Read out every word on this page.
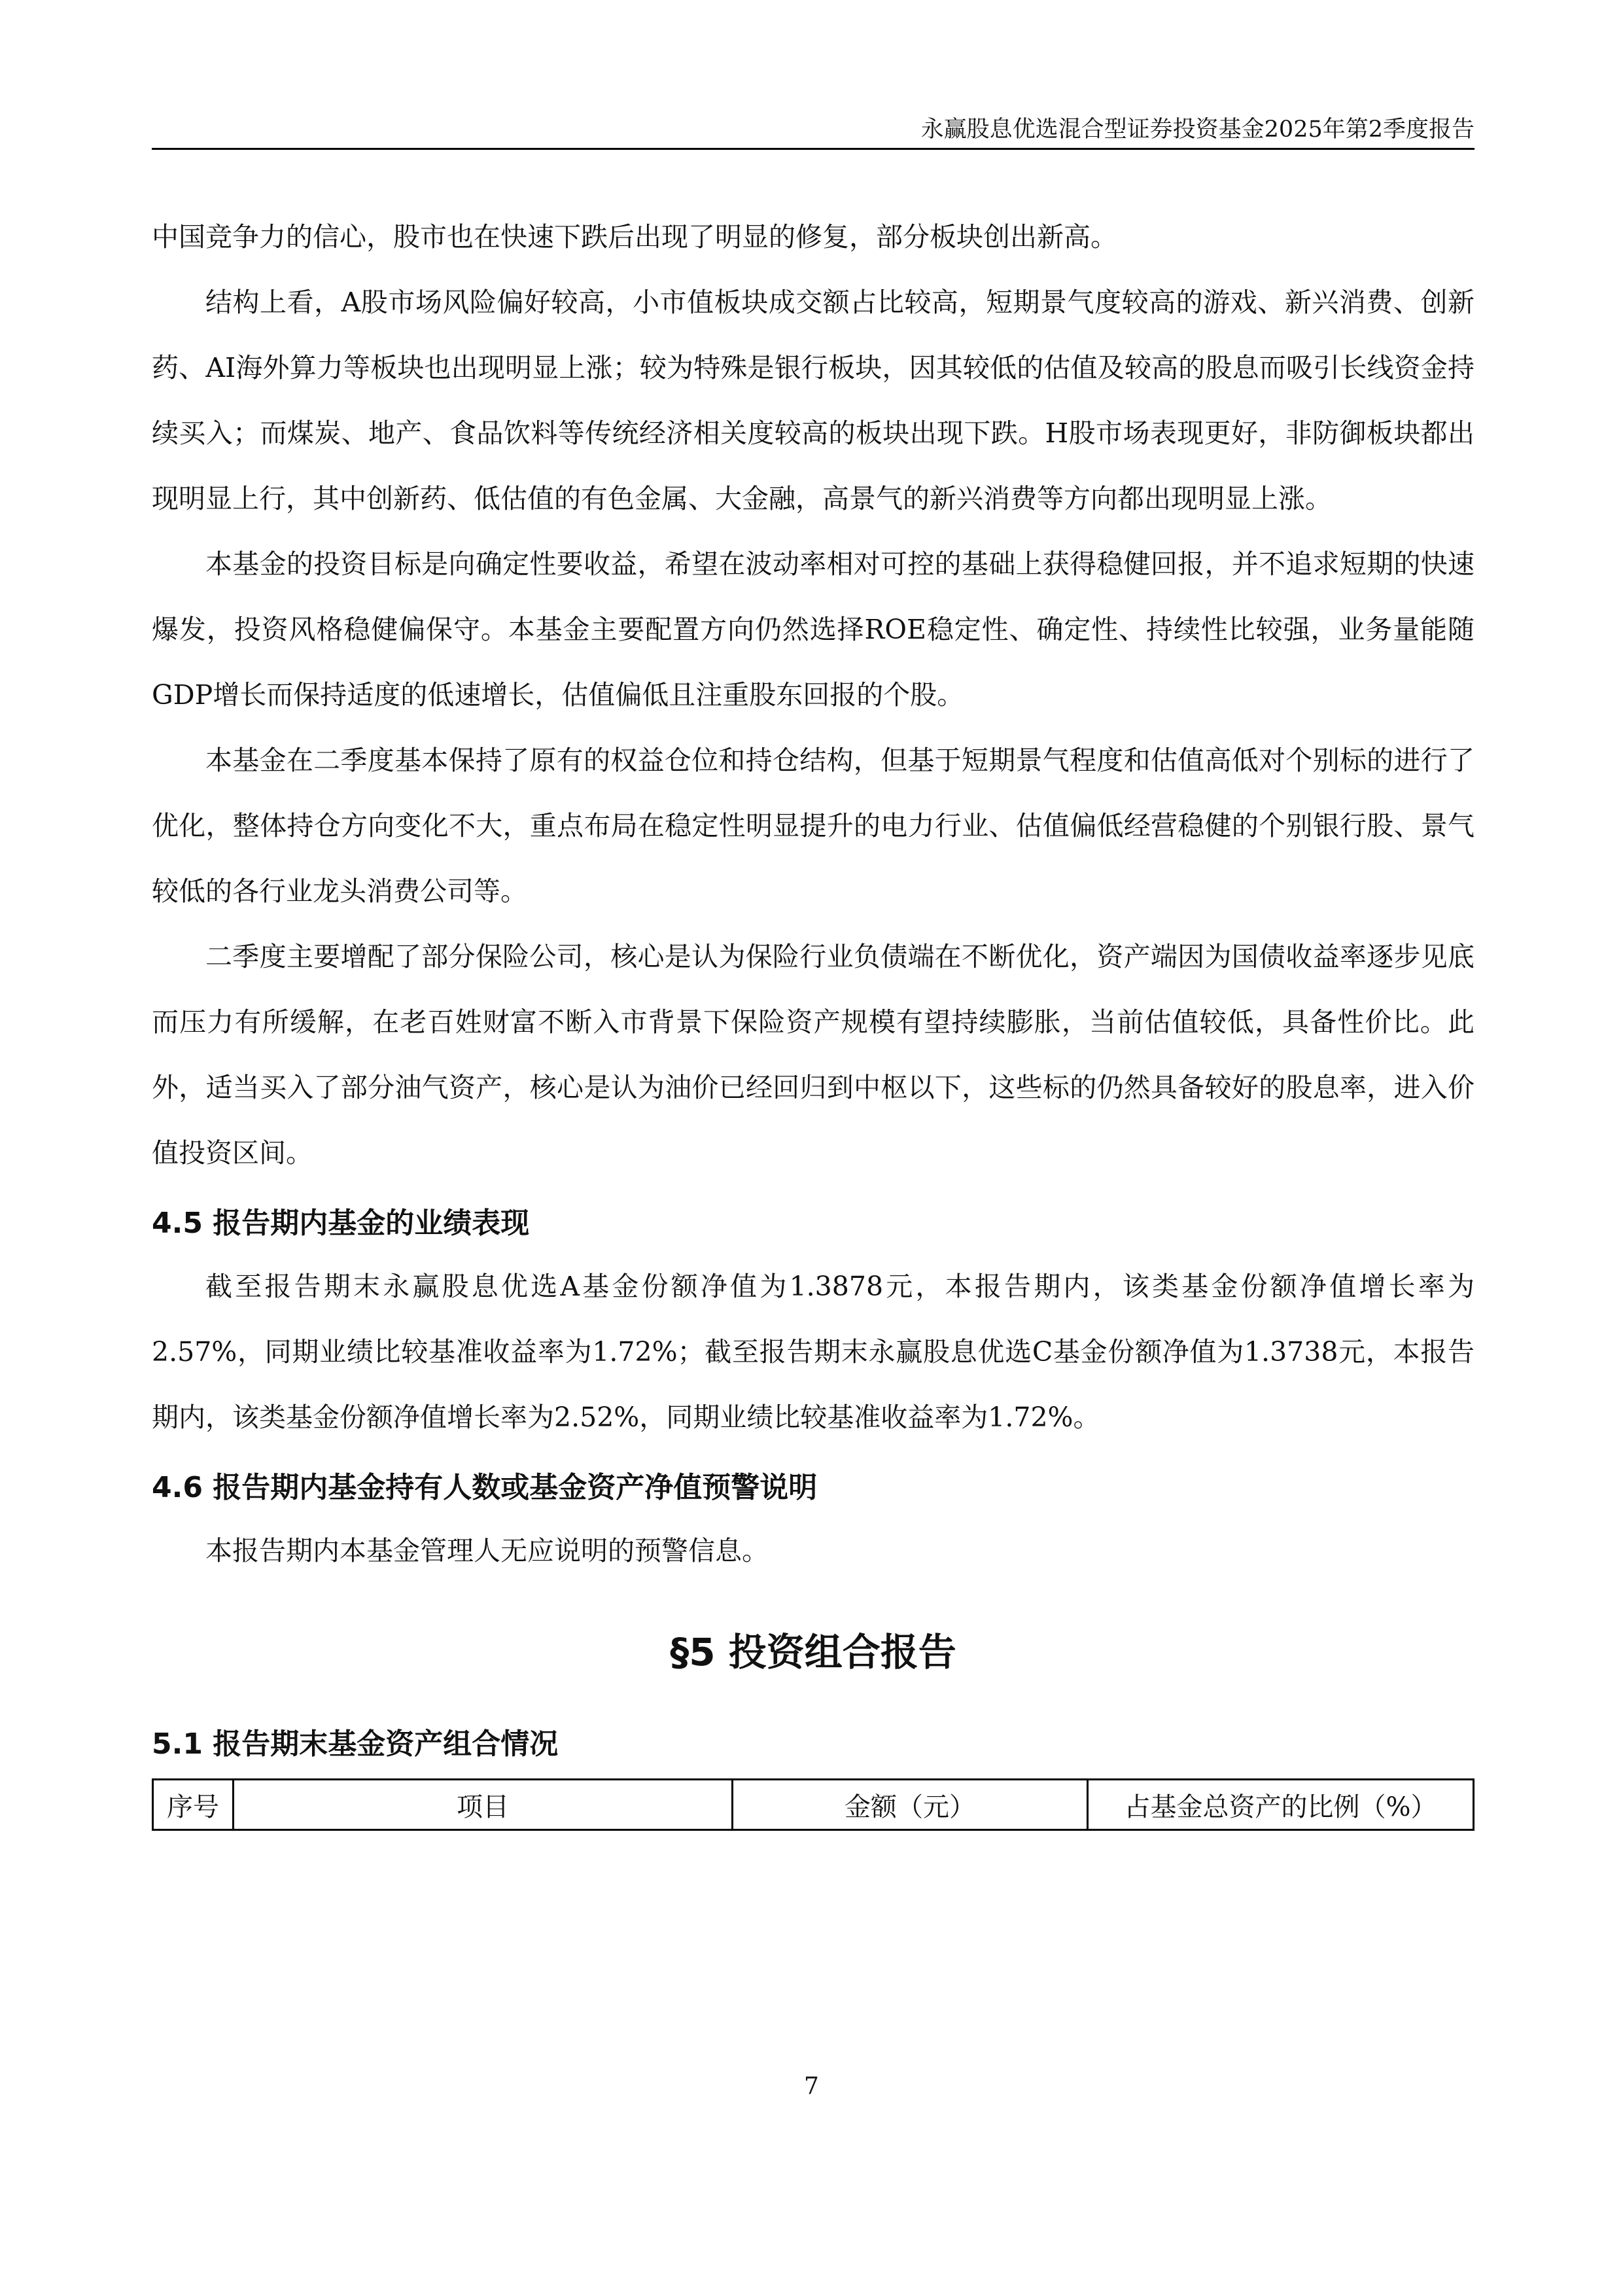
永赢股息优选混合型证券投资基金2025年第2季度报告

中国竞争力的信心，股市也在快速下跌后出现了明显的修复，部分板块创出新高。

结构上看，A股市场风险偏好较高，小市值板块成交额占比较高，短期景气度较高的游戏、新兴消费、创新药、AI海外算力等板块也出现明显上涨；较为特殊是银行板块，因其较低的估值及较高的股息而吸引长线资金持续买入；而煤炭、地产、食品饮料等传统经济相关度较高的板块出现下跌。H股市场表现更好，非防御板块都出现明显上行，其中创新药、低估值的有色金属、大金融，高景气的新兴消费等方向都出现明显上涨。

本基金的投资目标是向确定性要收益，希望在波动率相对可控的基础上获得稳健回报，并不追求短期的快速爆发，投资风格稳健偏保守。本基金主要配置方向仍然选择ROE稳定性、确定性、持续性比较强，业务量能随GDP增长而保持适度的低速增长，估值偏低且注重股东回报的个股。

本基金在二季度基本保持了原有的权益仓位和持仓结构，但基于短期景气程度和估值高低对个别标的进行了优化，整体持仓方向变化不大，重点布局在稳定性明显提升的电力行业、估值偏低经营稳健的个别银行股、景气较低的各行业龙头消费公司等。

二季度主要增配了部分保险公司，核心是认为保险行业负债端在不断优化，资产端因为国债收益率逐步见底而压力有所缓解，在老百姓财富不断入市背景下保险资产规模有望持续膨胀，当前估值较低，具备性价比。此外，适当买入了部分油气资产，核心是认为油价已经回归到中枢以下，这些标的仍然具备较好的股息率，进入价值投资区间。

4.5 报告期内基金的业绩表现

截至报告期末永赢股息优选A基金份额净值为1.3878元，本报告期内，该类基金份额净值增长率为2.57%，同期业绩比较基准收益率为1.72%；截至报告期末永赢股息优选C基金份额净值为1.3738元，本报告期内，该类基金份额净值增长率为2.52%，同期业绩比较基准收益率为1.72%。

4.6 报告期内基金持有人数或基金资产净值预警说明

本报告期内本基金管理人无应说明的预警信息。

§5 投资组合报告
5.1 报告期末基金资产组合情况
序号	项目	金额（元）	占基金总资产的比例（%）
7
